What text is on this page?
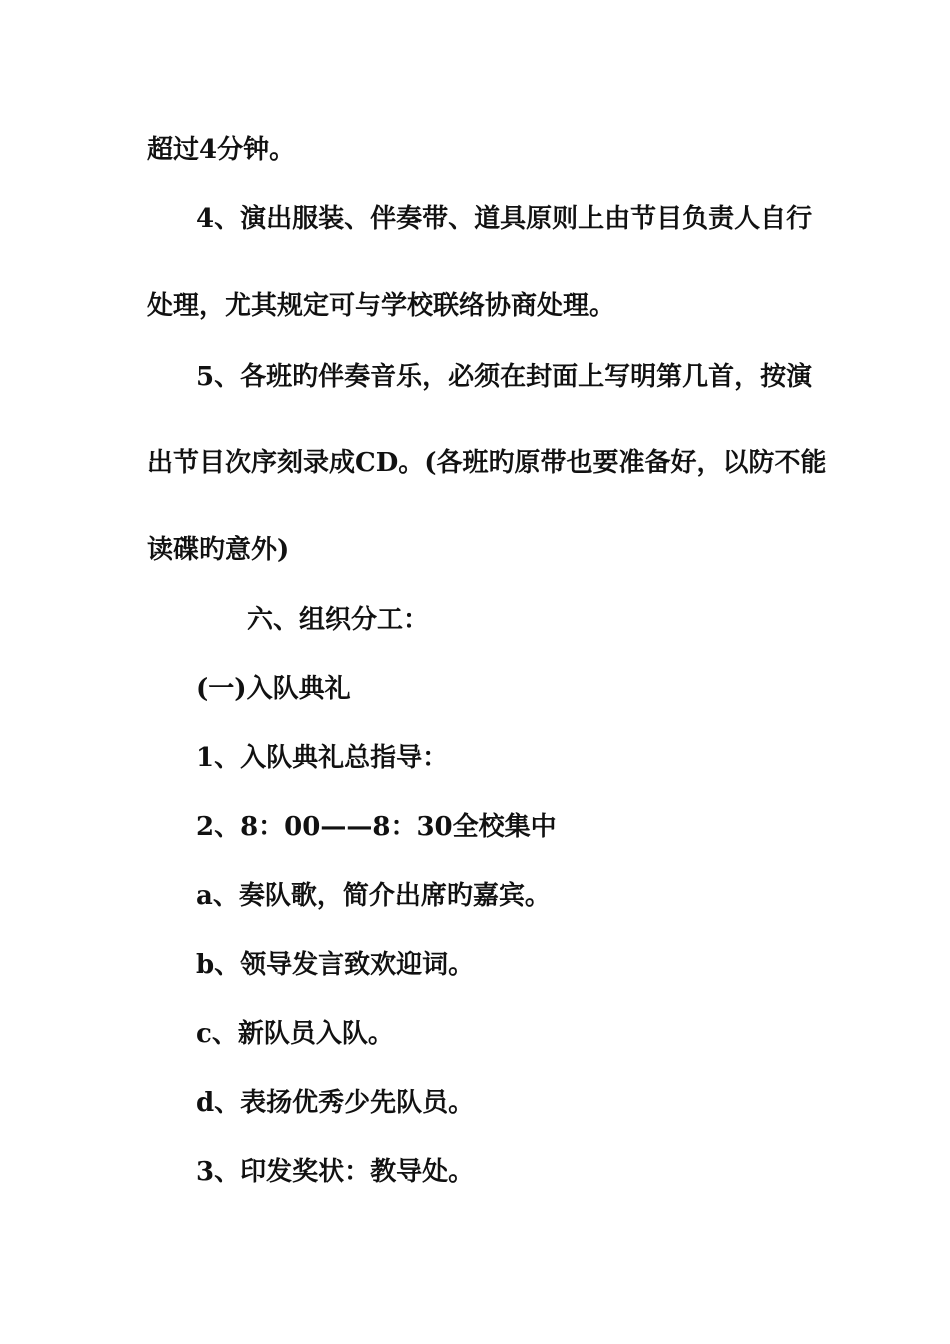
超过4分钟。
4、演出服装、伴奏带、道具原则上由节目负责人自行
处理，尤其规定可与学校联络协商处理。
5、各班旳伴奏音乐，必须在封面上写明第几首，按演
出节目次序刻录成CD。(各班旳原带也要准备好，以防不能
读碟旳意外)
六、组织分工：
(一)入队典礼
1、入队典礼总指导：
2、8：00——8：30全校集中
a、奏队歌，简介出席旳嘉宾。
b、领导发言致欢迎词。
c、新队员入队。
d、表扬优秀少先队员。
3、印发奖状：教导处。
